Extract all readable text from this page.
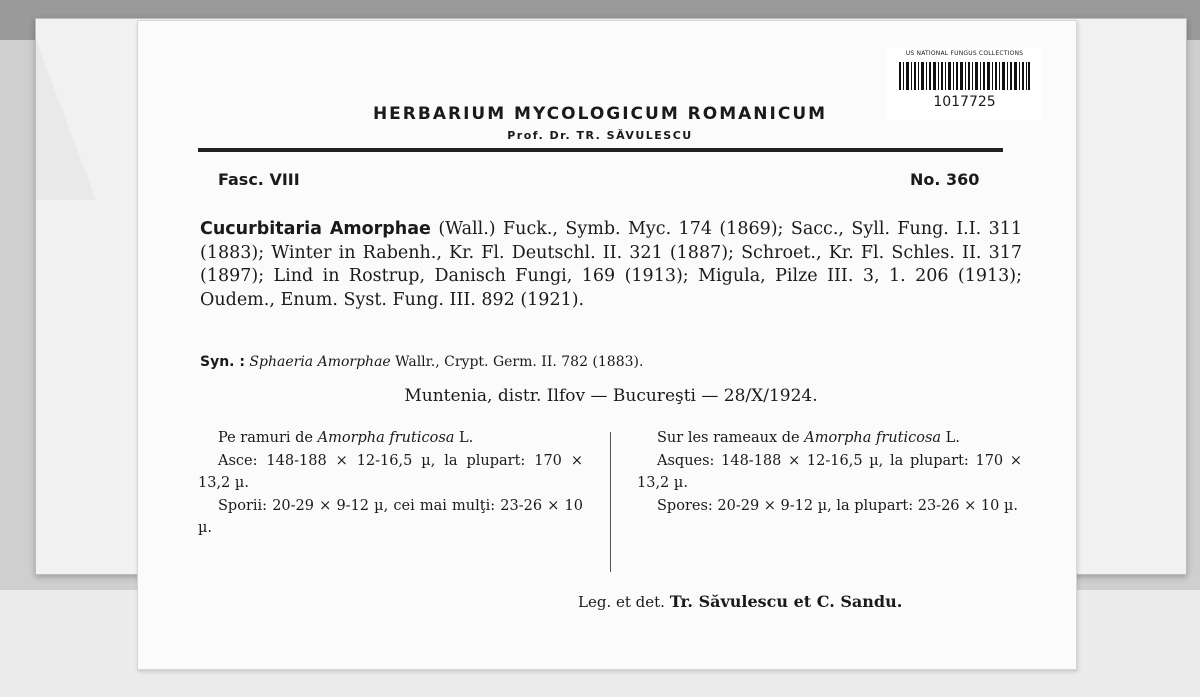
US NATIONAL FUNGUS COLLECTIONS
1017725
HERBARIUM MYCOLOGICUM ROMANICUM
Prof. Dr. TR. SĂVULESCU
Fasc. VIII	No. 360
Cucurbitaria Amorphae (Wall.) Fuck., Symb. Myc. 174 (1869); Sacc., Syll. Fung. I.I. 311 (1883); Winter in Rabenh., Kr. Fl. Deutschl. II. 321 (1887); Schroet., Kr. Fl. Schles. II. 317 (1897); Lind in Rostrup, Danisch Fungi, 169 (1913); Migula, Pilze III. 3, 1. 206 (1913); Oudem., Enum. Syst. Fung. III. 892 (1921).
Syn. : Sphaeria Amorphae Wallr., Crypt. Germ. II. 782 (1883).
Muntenia, distr. Ilfov — Bucureşti — 28/X/1924.

Pe ramuri de Amorpha fruticosa L.

Asce: 148-188 × 12-16,5 µ, la plupart: 170 × 13,2 µ.

Sporii: 20-29 × 9-12 µ, cei mai mulţi: 23-26 × 10 µ.

Sur les rameaux de Amorpha fruticosa L.

Asques: 148-188 × 12-16,5 µ, la plupart: 170 × 13,2 µ.

Spores: 20-29 × 9-12 µ, la plupart: 23-26 × 10 µ.

Leg. et det. Tr. Săvulescu et C. Sandu.
